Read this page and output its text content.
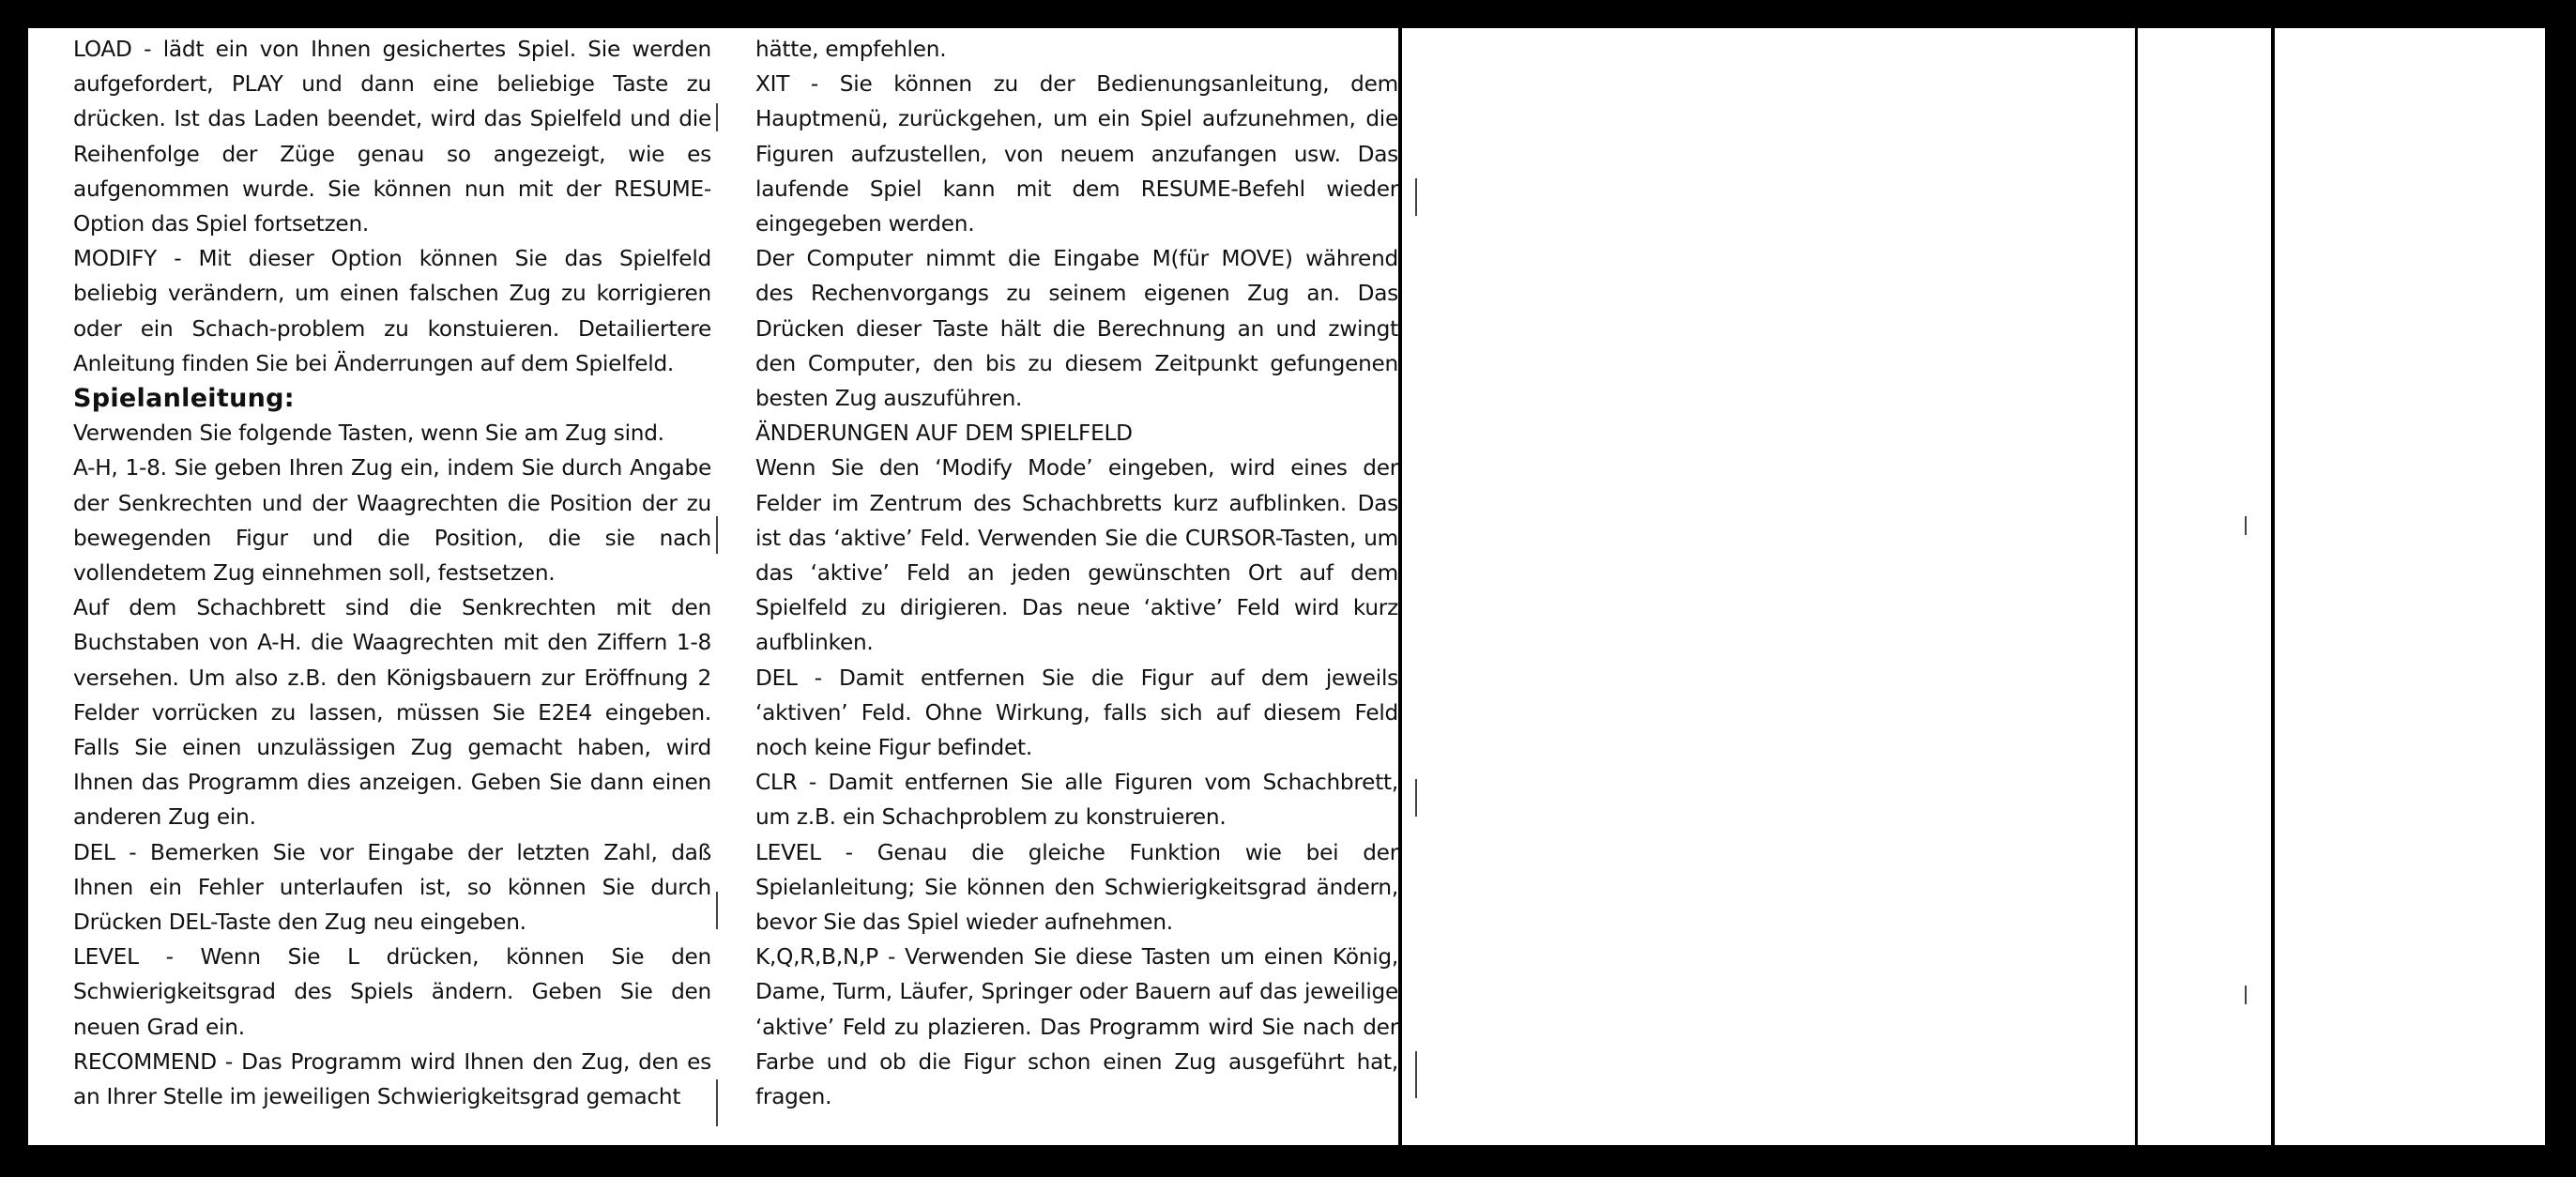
LOAD - lädt ein von Ihnen gesichertes Spiel. Sie werden aufgefordert, PLAY und dann eine beliebige Taste zu drücken. Ist das Laden beendet, wird das Spielfeld und die Reihenfolge der Züge genau so angezeigt, wie es aufgenommen wurde. Sie können nun mit der RESUME-Option das Spiel fortsetzen.

MODIFY - Mit dieser Option können Sie das Spielfeld beliebig verändern, um einen falschen Zug zu korrigieren oder ein Schach-problem zu konstuieren. Detailiertere Anleitung finden Sie bei Änderrungen auf dem Spielfeld.

Spielanleitung:

Verwenden Sie folgende Tasten, wenn Sie am Zug sind.

A-H, 1-8. Sie geben Ihren Zug ein, indem Sie durch Angabe der Senkrechten und der Waagrechten die Position der zu bewegenden Figur und die Position, die sie nach vollendetem Zug einnehmen soll, festsetzen.

Auf dem Schachbrett sind die Senkrechten mit den Buchstaben von A-H. die Waagrechten mit den Ziffern 1-8 versehen. Um also z.B. den Königsbauern zur Eröffnung 2 Felder vorrücken zu lassen, müssen Sie E2E4 eingeben. Falls Sie einen unzulässigen Zug gemacht haben, wird Ihnen das Programm dies anzeigen. Geben Sie dann einen anderen Zug ein.

DEL - Bemerken Sie vor Eingabe der letzten Zahl, daß Ihnen ein Fehler unterlaufen ist, so können Sie durch Drücken DEL-Taste den Zug neu eingeben.

LEVEL - Wenn Sie L drücken, können Sie den Schwierigkeitsgrad des Spiels ändern. Geben Sie den neuen Grad ein.

RECOMMEND - Das Programm wird Ihnen den Zug, den es an Ihrer Stelle im jeweiligen Schwierigkeitsgrad gemacht

hätte, empfehlen.

XIT - Sie können zu der Bedienungsanleitung, dem Hauptmenü, zurückgehen, um ein Spiel aufzunehmen, die Figuren aufzustellen, von neuem anzufangen usw. Das laufende Spiel kann mit dem RESUME-Befehl wieder eingegeben werden.

Der Computer nimmt die Eingabe M(für MOVE) während des Rechenvorgangs zu seinem eigenen Zug an. Das Drücken dieser Taste hält die Berechnung an und zwingt den Computer, den bis zu diesem Zeitpunkt gefungenen besten Zug auszuführen.

ÄNDERUNGEN AUF DEM SPIELFELD

Wenn Sie den ‘Modify Mode’ eingeben, wird eines der Felder im Zentrum des Schachbretts kurz aufblinken. Das ist das ‘aktive’ Feld. Verwenden Sie die CURSOR-Tasten, um das ‘aktive’ Feld an jeden gewünschten Ort auf dem Spielfeld zu dirigieren. Das neue ‘aktive’ Feld wird kurz aufblinken.

DEL - Damit entfernen Sie die Figur auf dem jeweils ‘aktiven’ Feld. Ohne Wirkung, falls sich auf diesem Feld noch keine Figur befindet.

CLR - Damit entfernen Sie alle Figuren vom Schachbrett, um z.B. ein Schachproblem zu konstruieren.

LEVEL - Genau die gleiche Funktion wie bei der Spielanleitung; Sie können den Schwierigkeitsgrad ändern, bevor Sie das Spiel wieder aufnehmen.

K,Q,R,B,N,P - Verwenden Sie diese Tasten um einen König, Dame, Turm, Läufer, Springer oder Bauern auf das jeweilige ‘aktive’ Feld zu plazieren. Das Programm wird Sie nach der Farbe und ob die Figur schon einen Zug ausgeführt hat, fragen.
